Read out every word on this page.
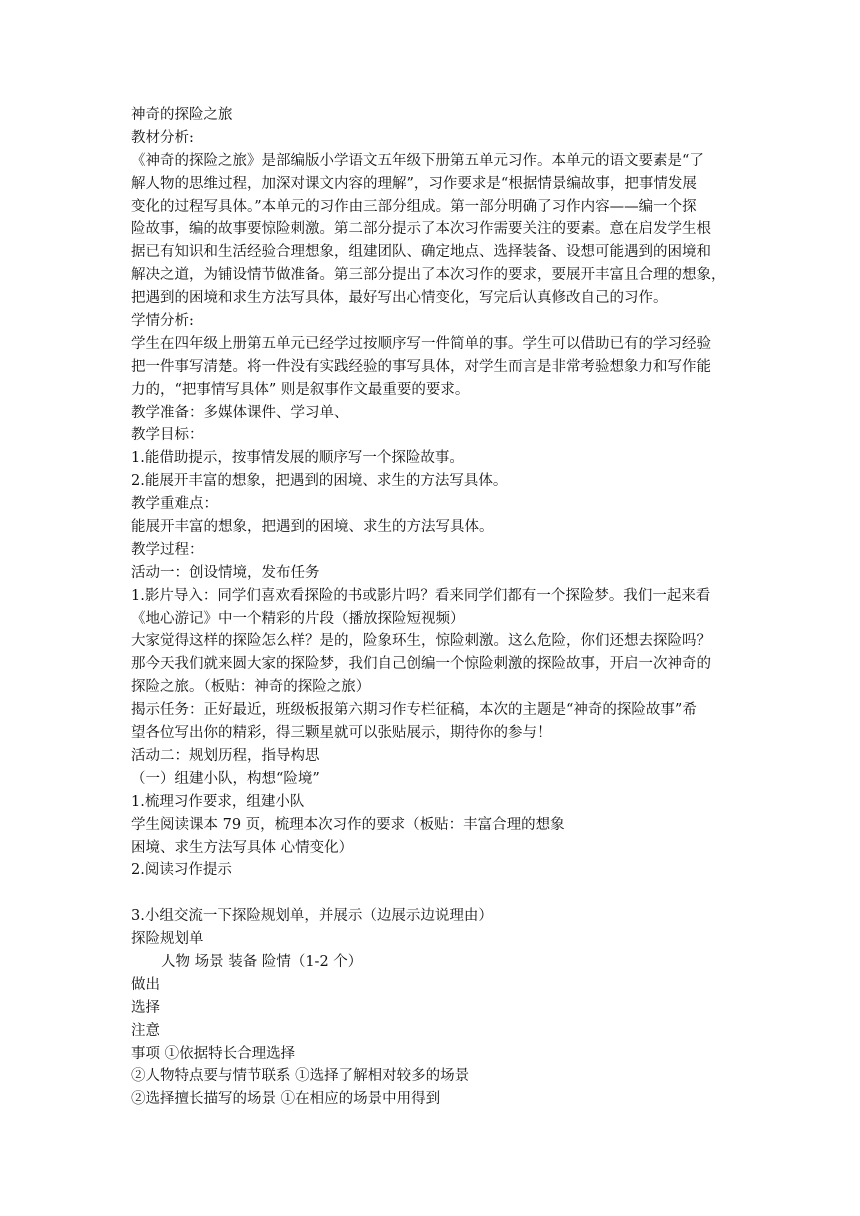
神奇的探险之旅
教材分析:
《神奇的探险之旅》是部编版小学语文五年级下册第五单元习作。本单元的语文要素是“了
解人物的思维过程，加深对课文内容的理解”，习作要求是“根据情景编故事，把事情发展
变化的过程写具体。”本单元的习作由三部分组成。第一部分明确了习作内容——编一个探
险故事，编的故事要惊险刺激。第二部分提示了本次习作需要关注的要素。意在启发学生根
据已有知识和生活经验合理想象，组建团队、确定地点、选择装备、设想可能遇到的困境和
解决之道，为铺设情节做准备。第三部分提出了本次习作的要求，要展开丰富且合理的想象，
把遇到的困境和求生方法写具体，最好写出心情变化，写完后认真修改自己的习作。
学情分析:
学生在四年级上册第五单元已经学过按顺序写一件简单的事。学生可以借助已有的学习经验
把一件事写清楚。将一件没有实践经验的事写具体，对学生而言是非常考验想象力和写作能
力的，“把事情写具体” 则是叙事作文最重要的要求。
教学准备：多媒体课件、学习单、
教学目标：
1.能借助提示，按事情发展的顺序写一个探险故事。
2.能展开丰富的想象，把遇到的困境、求生的方法写具体。
教学重难点：
能展开丰富的想象，把遇到的困境、求生的方法写具体。
教学过程：
活动一：创设情境，发布任务
1.影片导入：同学们喜欢看探险的书或影片吗？看来同学们都有一个探险梦。我们一起来看
《地心游记》中一个精彩的片段（播放探险短视频）
大家觉得这样的探险怎么样？是的，险象环生，惊险刺激。这么危险，你们还想去探险吗？
那今天我们就来圆大家的探险梦，我们自己创编一个惊险刺激的探险故事，开启一次神奇的
探险之旅。（板贴：神奇的探险之旅）
揭示任务：正好最近，班级板报第六期习作专栏征稿，本次的主题是“神奇的探险故事”希
望各位写出你的精彩，得三颗星就可以张贴展示，期待你的参与！
活动二：规划历程，指导构思
（一）组建小队，构想“险境”
1.梳理习作要求，组建小队
学生阅读课本 79 页，梳理本次习作的要求（板贴：丰富合理的想象
困境、求生方法写具体 心情变化）
2.阅读习作提示
3.小组交流一下探险规划单，并展示（边展示边说理由）
探险规划单
人物 场景 装备 险情（1-2 个）
做出
选择
注意
事项 ①依据特长合理选择
②人物特点要与情节联系 ①选择了解相对较多的场景
②选择擅长描写的场景 ①在相应的场景中用得到
